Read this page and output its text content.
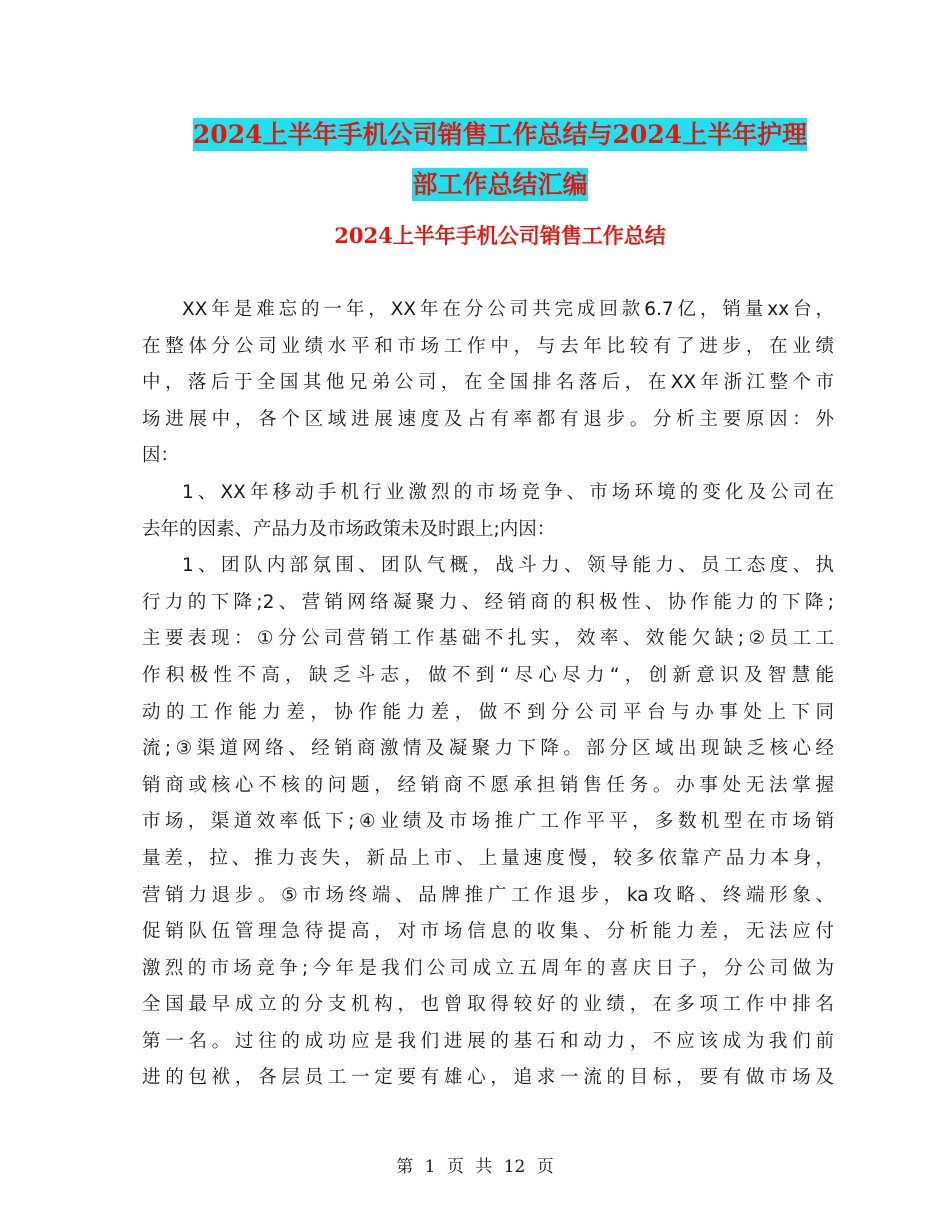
2024上半年手机公司销售工作总结与2024上半年护理
部工作总结汇编
2024上半年手机公司销售工作总结
XX年是难忘的一年，XX年在分公司共完成回款6.7亿，销量xx台，
在整体分公司业绩水平和市场工作中，与去年比较有了进步，在业绩
中，落后于全国其他兄弟公司，在全国排名落后，在XX年浙江整个市
场进展中，各个区域进展速度及占有率都有退步。分析主要原因：外
因：
1、XX年移动手机行业激烈的市场竞争、市场环境的变化及公司在
去年的因素、产品力及市场政策未及时跟上;内因：
1、团队内部氛围、团队气概，战斗力、领导能力、员工态度、执
行力的下降;2、营销网络凝聚力、经销商的积极性、协作能力的下降;
主要表现：①分公司营销工作基础不扎实，效率、效能欠缺;②员工工
作积极性不高，缺乏斗志，做不到“尽心尽力“，创新意识及智慧能
动的工作能力差，协作能力差，做不到分公司平台与办事处上下同
流;③渠道网络、经销商激情及凝聚力下降。部分区域出现缺乏核心经
销商或核心不核的问题，经销商不愿承担销售任务。办事处无法掌握
市场，渠道效率低下;④业绩及市场推广工作平平，多数机型在市场销
量差，拉、推力丧失，新品上市、上量速度慢，较多依靠产品力本身，
营销力退步。⑤市场终端、品牌推广工作退步，ka攻略、终端形象、
促销队伍管理急待提高，对市场信息的收集、分析能力差，无法应付
激烈的市场竞争;今年是我们公司成立五周年的喜庆日子，分公司做为
全国最早成立的分支机构，也曾取得较好的业绩，在多项工作中排名
第一名。过往的成功应是我们进展的基石和动力，不应该成为我们前
进的包袱，各层员工一定要有雄心，追求一流的目标，要有做市场及
第 1 页 共 12 页
